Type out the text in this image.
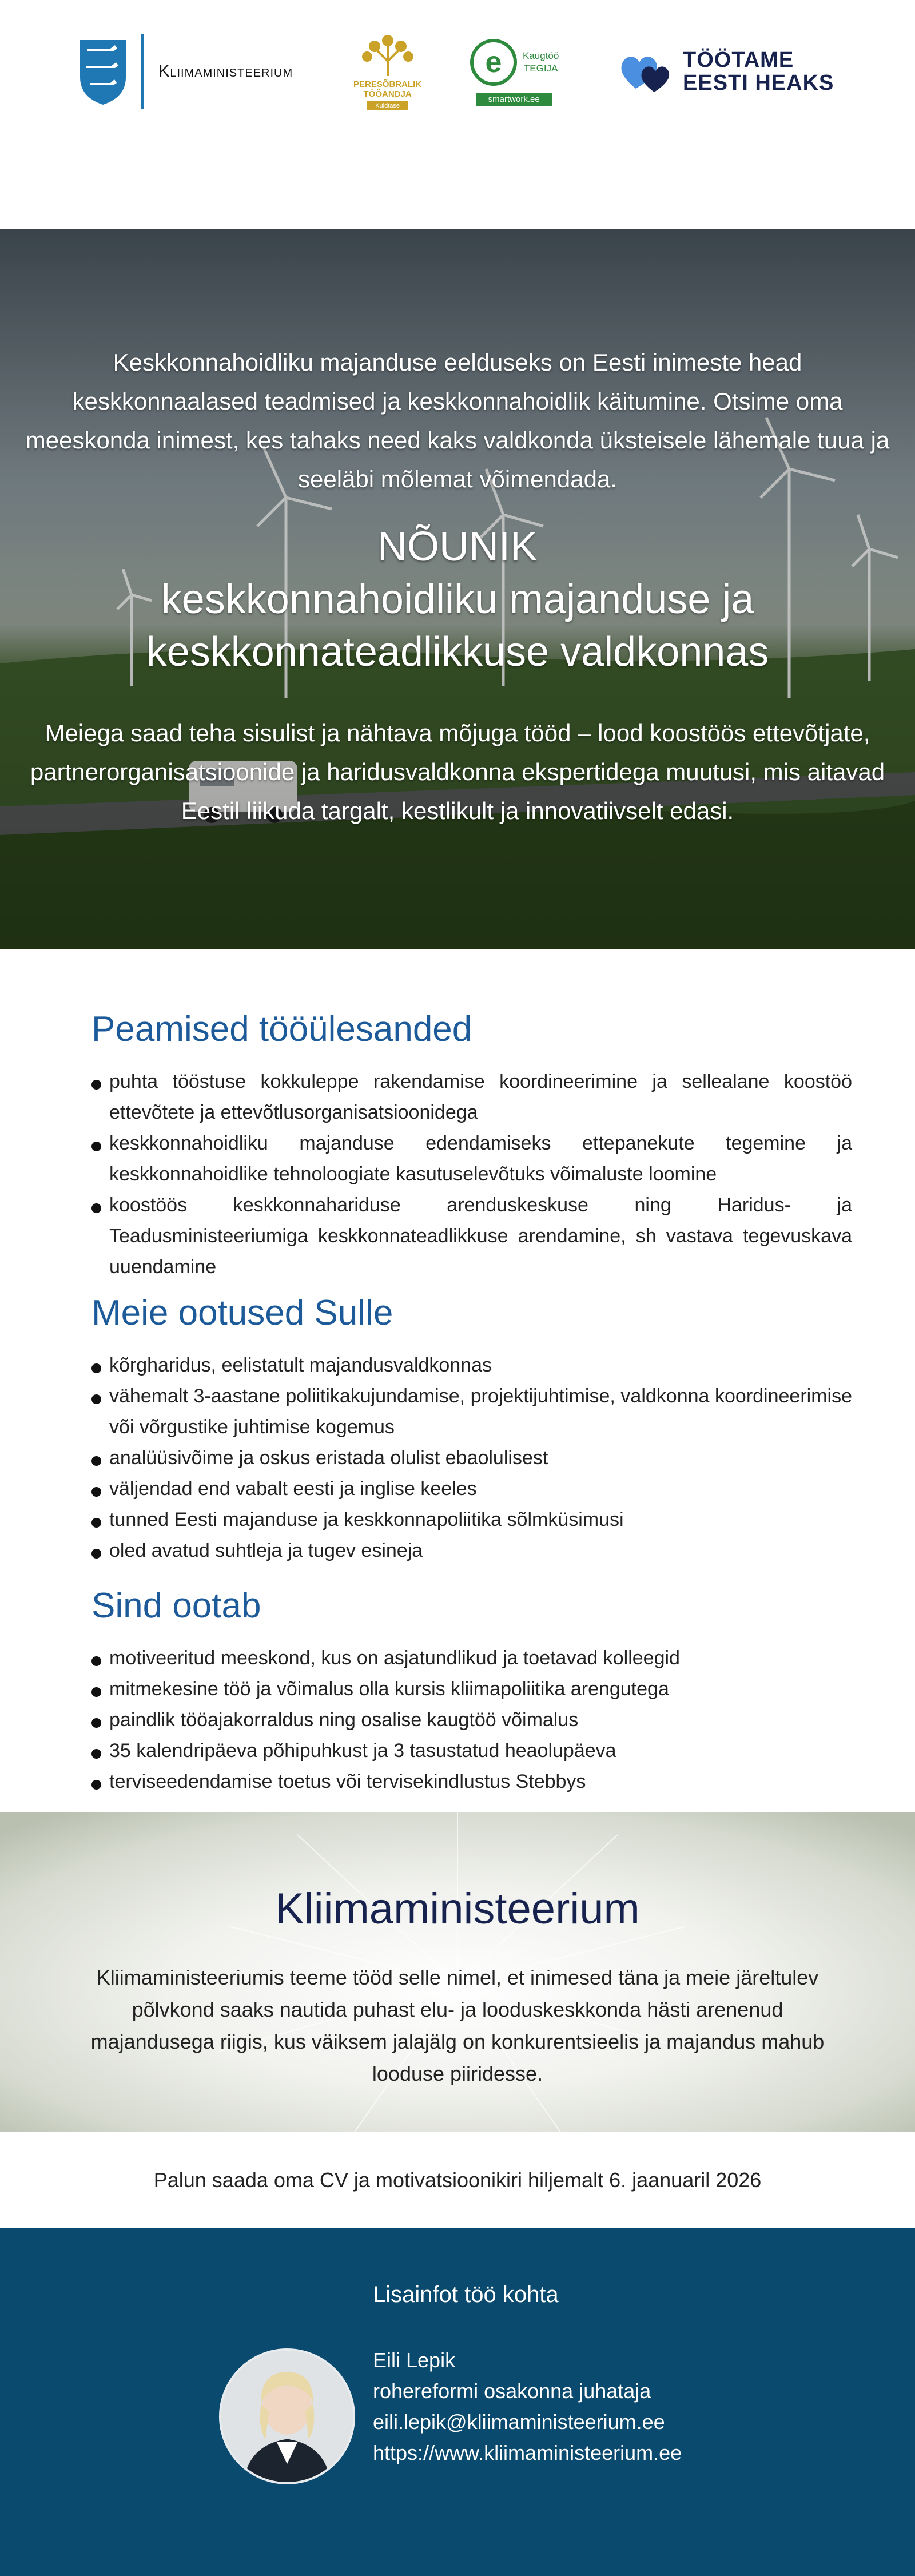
Kliimaministeerium
PERESÕBRALIK
TÖÖANDJA
Kuldtase
e Kaugtöö
TEGIJA
smartwork.ee
TÖÖTAME
EESTI HEAKS

Keskkonnahoidliku majanduse eelduseks on Eesti inimeste head keskkonnaalased teadmised ja keskkonnahoidlik käitumine. Otsime oma meeskonda inimest, kes tahaks need kaks valdkonda üksteisele lähemale tuua ja seeläbi mõlemat võimendada.

NÕUNIK
keskkonnahoidliku majanduse ja keskkonnateadlikkuse valdkonnas

Meiega saad teha sisulist ja nähtava mõjuga tööd – lood koostöös ettevõtjate, partnerorganisatsioonide ja haridusvaldkonna ekspertidega muutusi, mis aitavad Eestil liikuda targalt, kestlikult ja innovatiivselt edasi.

Peamised tööülesanded
puhta tööstuse kokkuleppe rakendamise koordineerimine ja sellealane koostöö ettevõtete ja ettevõtlusorganisatsioonidega
keskkonnahoidliku majanduse edendamiseks ettepanekute tegemine ja keskkonnahoidlike tehnoloogiate kasutuselevõtuks võimaluste loomine
koostöös keskkonnahariduse arenduskeskuse ning Haridus- ja Teadusministeeriumiga keskkonnateadlikkuse arendamine, sh vastava tegevuskava uuendamine
Meie ootused Sulle
kõrgharidus, eelistatult majandusvaldkonnas
vähemalt 3-aastane poliitikakujundamise, projektijuhtimise, valdkonna koordineerimise või võrgustike juhtimise kogemus
analüüsivõime ja oskus eristada olulist ebaolulisest
väljendad end vabalt eesti ja inglise keeles
tunned Eesti majanduse ja keskkonnapoliitika sõlmküsimusi
oled avatud suhtleja ja tugev esineja
Sind ootab
motiveeritud meeskond, kus on asjatundlikud ja toetavad kolleegid
mitmekesine töö ja võimalus olla kursis kliimapoliitika arengutega
paindlik tööajakorraldus ning osalise kaugtöö võimalus
35 kalendripäeva põhipuhkust ja 3 tasustatud heaolupäeva
terviseedendamise toetus või tervisekindlustus Stebbys
Kliimaministeerium

Kliimaministeeriumis teeme tööd selle nimel, et inimesed täna ja meie järeltulev põlvkond saaks nautida puhast elu- ja looduskeskkonda hästi arenenud majandusega riigis, kus väiksem jalajälg on konkurentsieelis ja majandus mahub looduse piiridesse.

Palun saada oma CV ja motivatsioonikiri hiljemalt 6. jaanuaril 2026
Lisainfot töö kohta
Eili Lepik
rohereformi osakonna juhataja
eili.lepik@kliimaministeerium.ee
https://www.kliimaministeerium.ee
